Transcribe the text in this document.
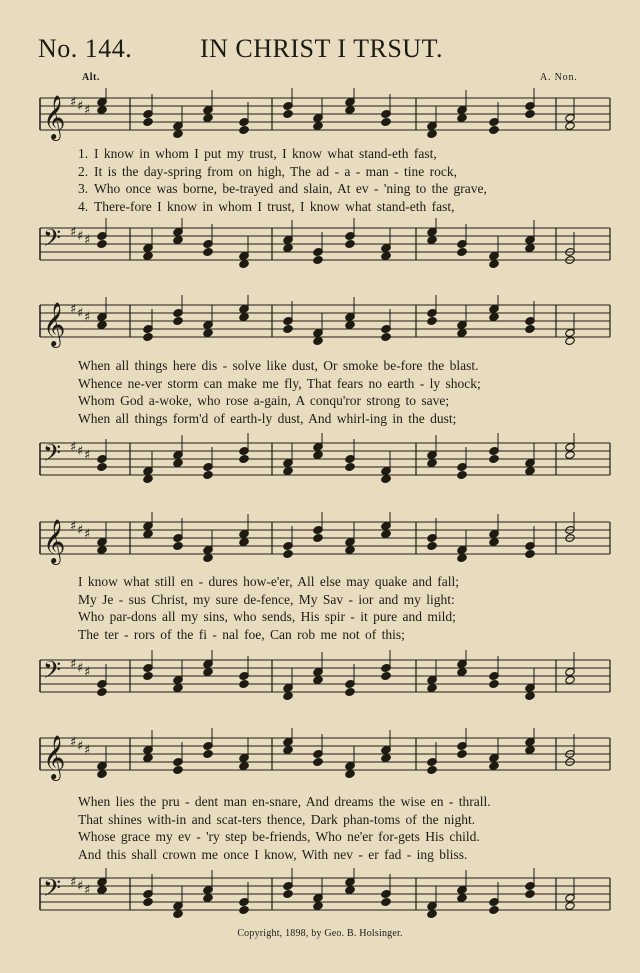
No. 144.	IN CHRIST I TRSUT.
Alt.	A. Non.
𝄞 ♯ ♯ ♯
1. I know in whom I put my trust, I know what stand-eth fast,
2. It is the day-spring from on high, The ad - a - man - tine rock,
3. Who once was borne, be-trayed and slain, At ev - 'ning to the grave,
4. There-fore I know in whom I trust, I know what stand-eth fast,
𝄢 ♯ ♯ ♯
𝄞 ♯ ♯ ♯
When all things here dis - solve like dust, Or smoke be-fore the blast.
Whence ne-ver storm can make me fly, That fears no earth - ly shock;
Whom God a-woke, who rose a-gain, A conqu'ror strong to save;
When all things form'd of earth-ly dust, And whirl-ing in the dust;
𝄢 ♯ ♯ ♯
𝄞 ♯ ♯ ♯
I know what still en - dures how-e'er, All else may quake and fall;
My Je - sus Christ, my sure de-fence, My Sav - ior and my light:
Who par-dons all my sins, who sends, His spir - it pure and mild;
The ter - rors of the fi - nal foe, Can rob me not of this;
𝄢 ♯ ♯ ♯
𝄞 ♯ ♯ ♯
When lies the pru - dent man en-snare, And dreams the wise en - thrall.
That shines with-in and scat-ters thence, Dark phan-toms of the night.
Whose grace my ev - 'ry step be-friends, Who ne'er for-gets His child.
And this shall crown me once I know, With nev - er fad - ing bliss.
𝄢 ♯ ♯ ♯
Copyright, 1898, by Geo. B. Holsinger.
